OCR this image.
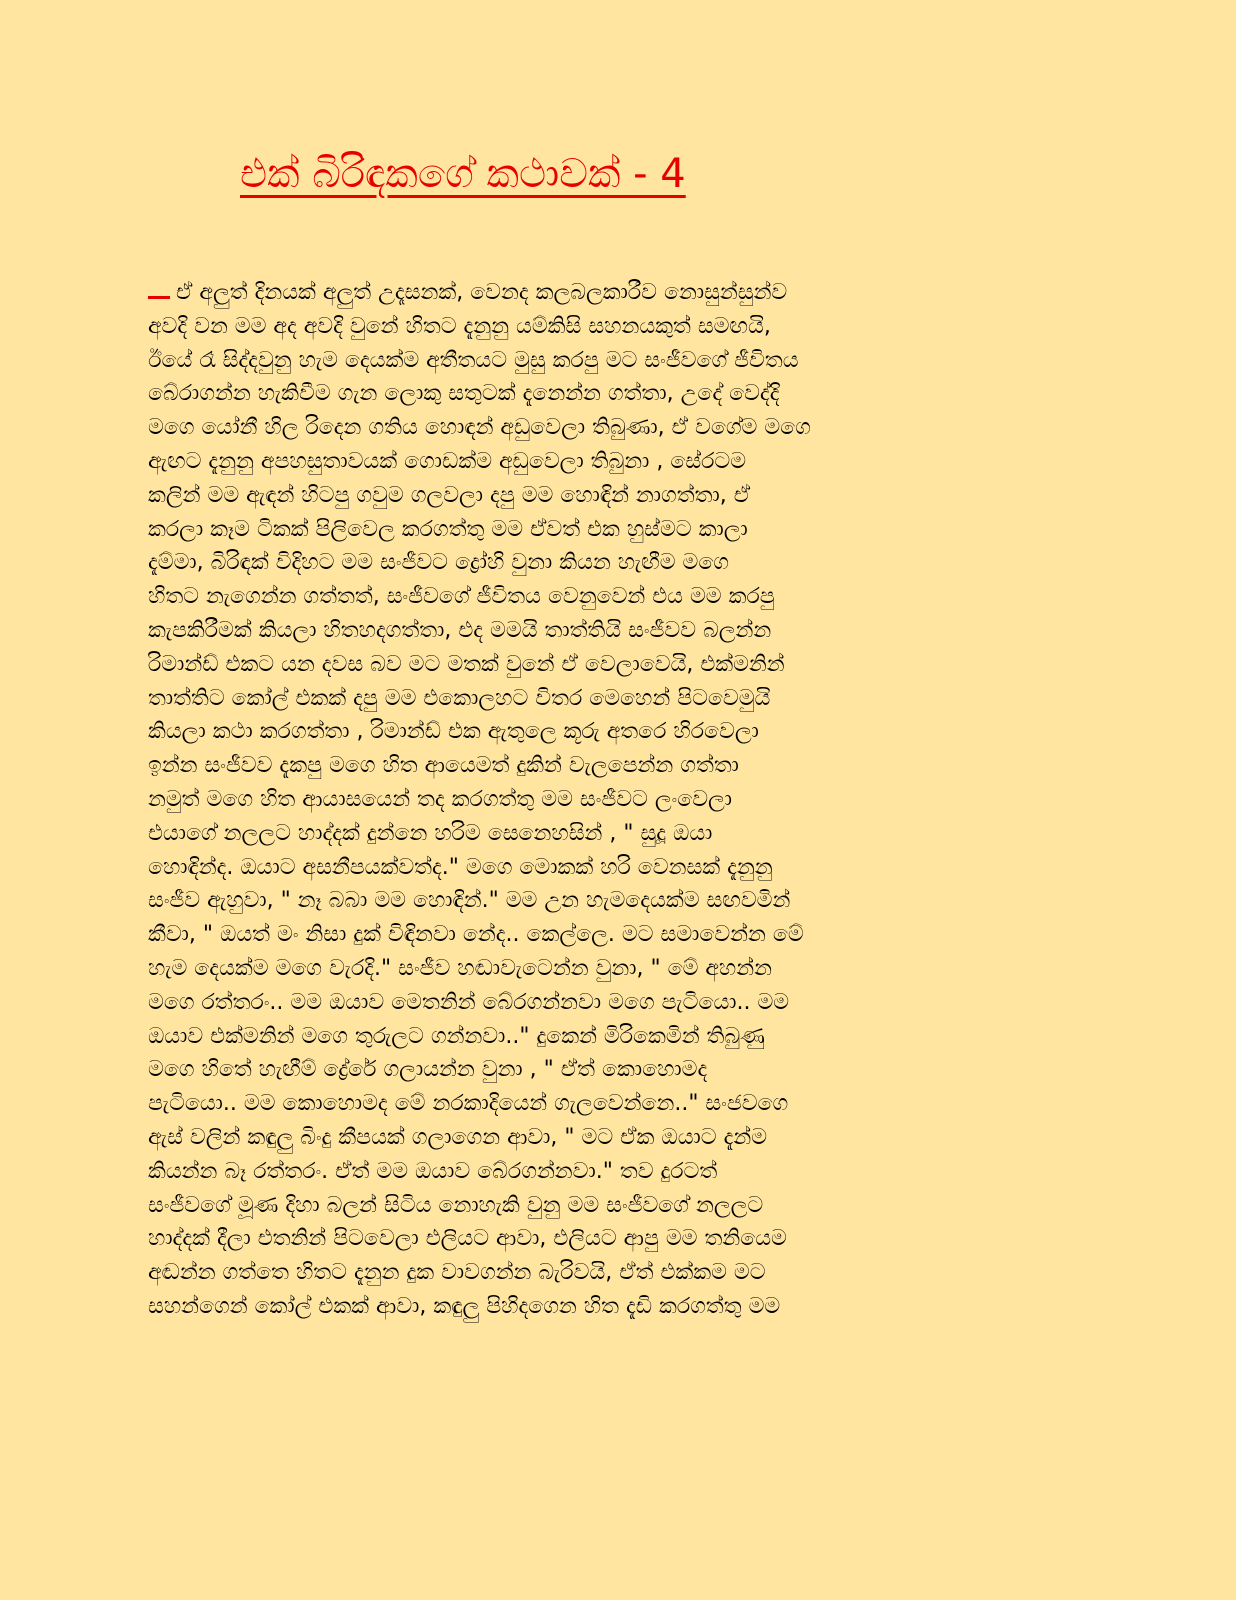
එක් බිරිඳකගේ කථාවක් - 4
ඒ අලුත් දිනයක් අලුත් උදෑසනක්, වෙනද කලබලකාරීව නොසුන්සුන්ව
අවදි වන මම අද අවදි වුනේ හිතට දැනුනු යම්කිසි සහනයකුත් සමඟයි,
ඊයේ රෑ සිද්දවුනු හැම දෙයක්ම අතීතයට මුසු කරපු මට සංජීවගේ ජීවිතය
බේරාගන්න හැකිවීම ගැන ලොකු සතුටක් දැනෙන්න ගත්තා, උදේ වෙද්දි
මගෙ යෝනී හිල රිදෙන ගතිය හොඳන් අඩුවෙලා තිබුණා, ඒ වගේම මගෙ
ඇඟට දැනුනු අපහසුතාවයක් ගොඩක්ම අඩුවෙලා තිබුනා , සේරටම
කලින් මම ඇඳන් හිටපු ගවුම ගලවලා දපු මම හොඳින් නාගත්තා, ඒ
කරලා කෑම ටිකක් පිලිවෙල කරගත්තු මම ඒවත් එක හුස්මට කාලා
දැම්මා, බිරිඳක් විදිහට මම සංජීවට ද්‍රෝහි වුනා කියන හැඟීම මගෙ
හිතට නැගෙන්න ගත්තත්, සංජීවගේ ජීවිතය වෙනුවෙන් එය මම කරපු
කැපකිරීමක් කියලා හිතහදගත්තා, එද මමයි තාත්තියි සංජීවව බලන්න
රිමාන්ඩ් එකට යන දවස බව මට මතක් වුනේ ඒ වෙලාවෙයි, එක්මනින්
තාත්තිට කෝල් එකක් දපු මම එකොලහට විතර මෙහෙන් පිටවෙමුයි
කියලා කථා කරගත්තා , රිමාන්ඩ් එක ඇතුලෙ කූරු අතරෙ හිරවෙලා
ඉන්න සංජීවව දැකපු මගෙ හිත ආයෙමත් දුකින් වැලපෙන්න ගත්තා
නමුත් මගෙ හිත ආයාසයෙන් තද කරගත්තු මම සංජීවට ලංවෙලා
එයාගේ නලලට හාද්දක් දුන්නෙ හරිම සෙනෙහසින් , " සුදූ ඔයා
හොඳින්ද. ඔයාට අසනීපයක්වත්ද." මගෙ මොකක් හරි වෙනසක් දැනුනු
සංජීව ඇහුවා, " නෑ බබා මම හොඳින්." මම උන හැමදෙයක්ම සඟවමින්
කීවා, " ඔයත් මං නිසා දුක් විඳිනවා නේද.. කෙල්ලෙ. මට සමාවෙන්න මේ
හැම දෙයක්ම මගෙ වැරදි." සංජීව හඬාවැටෙන්න වුනා, " මේ අහන්න
මගෙ රත්තරං.. මම ඔයාව මෙතනින් බේරගන්නවා මගෙ පැටියො.. මම
ඔයාව එක්මනින් මගෙ තුරුලට ගන්නවා.." දුකෙන් මිරිකෙමින් තිබුණු
මගෙ හිතේ හැඟීම් ද්‍රේරේ ගලායන්න වුනා , " ඒත් කොහොමද
පැටියො.. මම කොහොමද මේ නරකාදියෙන් ගැලවෙන්නෙ.." සංජවගෙ
ඇස් වලින් කඳුලු බිංදු කීපයක් ගලාගෙන ආවා, " මට ඒක ඔයාට දැන්ම
කියන්න බෑ රත්තරං. ඒත් මම ඔයාව බේරගන්නවා." තව දුරටත්
සංජීවගේ මූණ දිහා බලන් සිටිය නොහැකි වුනු මම සංජීවගේ නලලට
හාද්දක් දීලා එතනින් පිටවෙලා එලියට ආවා, එලියට ආපු මම තනියෙම
අඬන්න ගත්තෙ හිතට දැනුන දුක වාවගන්න බැරිවයි, ඒත් එක්කම මට
සහන්ගෙන් කෝල් එකක් ආවා, කඳුලු පිහිදගෙන හිත දැඩි කරගත්තු මම
